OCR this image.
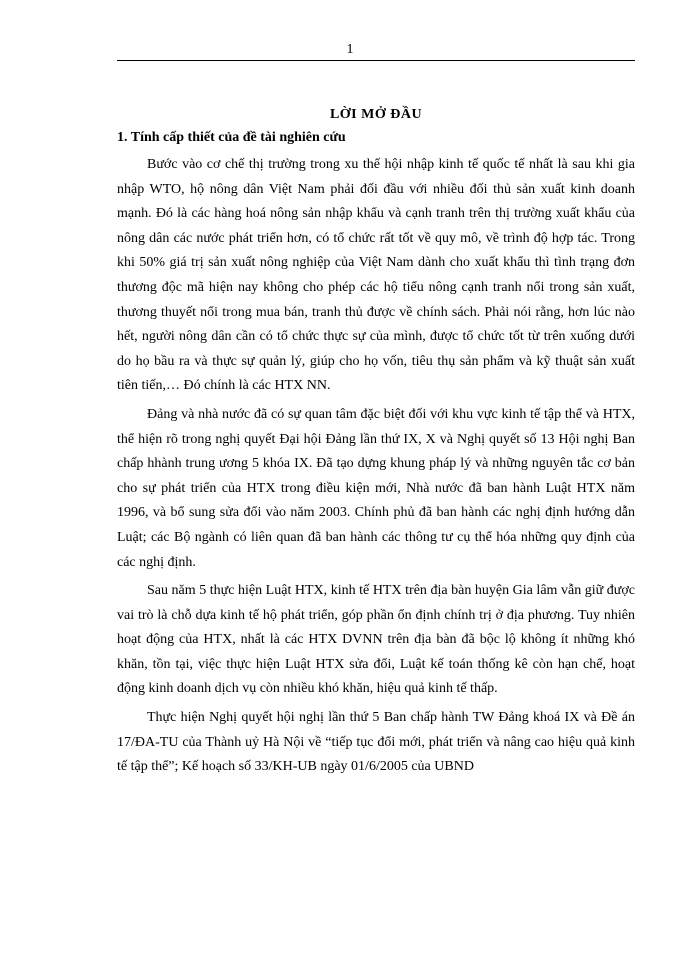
1
LỜI MỞ ĐẦU
1. Tính cấp thiết của đề tài nghiên cứu

Bước vào cơ chế thị trường trong xu thế hội nhập kinh tế quốc tế nhất là sau khi gia nhập WTO, hộ nông dân Việt Nam phải đối đầu với nhiều đối thủ sản xuất kinh doanh mạnh. Đó là các hàng hoá nông sản nhập khẩu và cạnh tranh trên thị trường xuất khẩu của nông dân các nước phát triển hơn, có tổ chức rất tốt về quy mô, về trình độ hợp tác. Trong khi 50% giá trị sản xuất nông nghiệp của Việt Nam dành cho xuất khẩu thì tình trạng đơn thương độc mã hiện nay không cho phép các hộ tiểu nông cạnh tranh nổi trong sản xuất, thương thuyết nổi trong mua bán, tranh thủ được về chính sách. Phải nói rằng, hơn lúc nào hết, người nông dân cần có tổ chức thực sự của mình, được tổ chức tốt từ trên xuống dưới do họ bầu ra và thực sự quản lý, giúp cho họ vốn, tiêu thụ sản phẩm và kỹ thuật sản xuất tiên tiến,… Đó chính là các HTX NN.

Đảng và nhà nước đã có sự quan tâm đặc biệt đối với khu vực kinh tế tập thể và HTX, thể hiện rõ trong nghị quyết Đại hội Đảng lần thứ IX, X và Nghị quyết số 13 Hội nghị Ban chấp hhành trung ương 5 khóa IX. Đã tạo dựng khung pháp lý và những nguyên tắc cơ bản cho sự phát triển của HTX trong điều kiện mới, Nhà nước đã ban hành Luật HTX năm 1996, và bổ sung sửa đổi vào năm 2003. Chính phủ đã ban hành các nghị định hướng dẫn Luật; các Bộ ngành có liên quan đã ban hành các thông tư cụ thể hóa những quy định của các nghị định.

Sau năm 5 thực hiện Luật HTX, kinh tế HTX trên địa bàn huyện Gia lâm vẫn giữ được vai trò là chỗ dựa kinh tế hộ phát triển, góp phần ổn định chính trị ở địa phương. Tuy nhiên hoạt động của HTX, nhất là các HTX DVNN trên địa bàn đã bộc lộ không ít những khó khăn, tồn tại, việc thực hiện Luật HTX sửa đổi, Luật kế toán thống kê còn hạn chế, hoạt động kinh doanh dịch vụ còn nhiều khó khăn, hiệu quả kinh tế thấp.

Thực hiện Nghị quyết hội nghị lần thứ 5 Ban chấp hành TW Đảng khoá IX và Đề án 17/ĐA-TU của Thành uỷ Hà Nội về “tiếp tục đổi mới, phát triển và nâng cao hiệu quả kinh tế tập thể”; Kế hoạch số 33/KH-UB ngày 01/6/2005 của UBND
